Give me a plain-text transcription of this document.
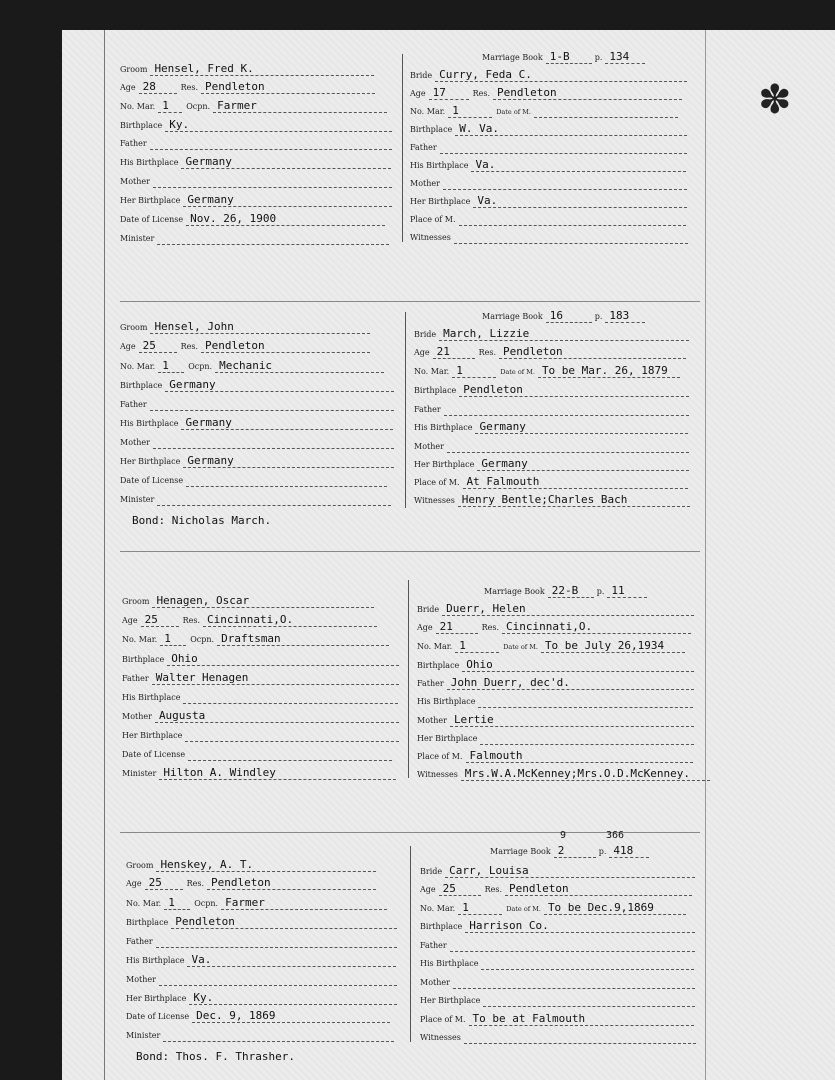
✽
Groom Hensel, Fred K.
Age 28	Res. Pendleton
No. Mar. 1	Ocpn. Farmer
Birthplace Ky.
Father
His Birthplace Germany
Mother
Her Birthplace Germany
Date of License Nov. 26, 1900
Minister
Marriage Book 1-B	p. 134
Bride Curry, Feda C.
Age 17	Res. Pendleton
No. Mar. 1	Date of M.
Birthplace W. Va.
Father
His Birthplace Va.
Mother
Her Birthplace Va.
Place of M.
Witnesses
Groom Hensel, John
Age 25	Res. Pendleton
No. Mar. 1	Ocpn. Mechanic
Birthplace Germany
Father
His Birthplace Germany
Mother
Her Birthplace Germany
Date of License
Minister
Bond: Nicholas March.
Marriage Book 16	p. 183
Bride March, Lizzie
Age 21	Res. Pendleton
No. Mar. 1	Date of M. To be Mar. 26, 1879
Birthplace Pendleton
Father
His Birthplace Germany
Mother
Her Birthplace Germany
Place of M. At Falmouth
Witnesses Henry Bentle;Charles Bach
Groom Henagen, Oscar
Age 25	Res. Cincinnati,O.
No. Mar. 1	Ocpn. Draftsman
Birthplace Ohio
Father Walter Henagen
His Birthplace
Mother Augusta
Her Birthplace
Date of License
Minister Hilton A. Windley
Marriage Book 22-B	p. 11
Bride Duerr, Helen
Age 21	Res. Cincinnati,O.
No. Mar. 1	Date of M. To be July 26,1934
Birthplace Ohio
Father John Duerr, dec'd.
His Birthplace
Mother Lertie
Her Birthplace
Place of M. Falmouth
Witnesses Mrs.W.A.McKenney;Mrs.O.D.McKenney.
Groom Henskey, A. T.
Age 25	Res. Pendleton
No. Mar. 1	Ocpn. Farmer
Birthplace Pendleton
Father
His Birthplace Va.
Mother
Her Birthplace Ky.
Date of License Dec. 9, 1869
Minister
Bond: Thos. F. Thrasher.
9	366
Marriage Book 2	p. 418
Bride Carr, Louisa
Age 25	Res. Pendleton
No. Mar. 1	Date of M. To be Dec.9,1869
Birthplace Harrison Co.
Father
His Birthplace
Mother
Her Birthplace
Place of M. To be at Falmouth
Witnesses
